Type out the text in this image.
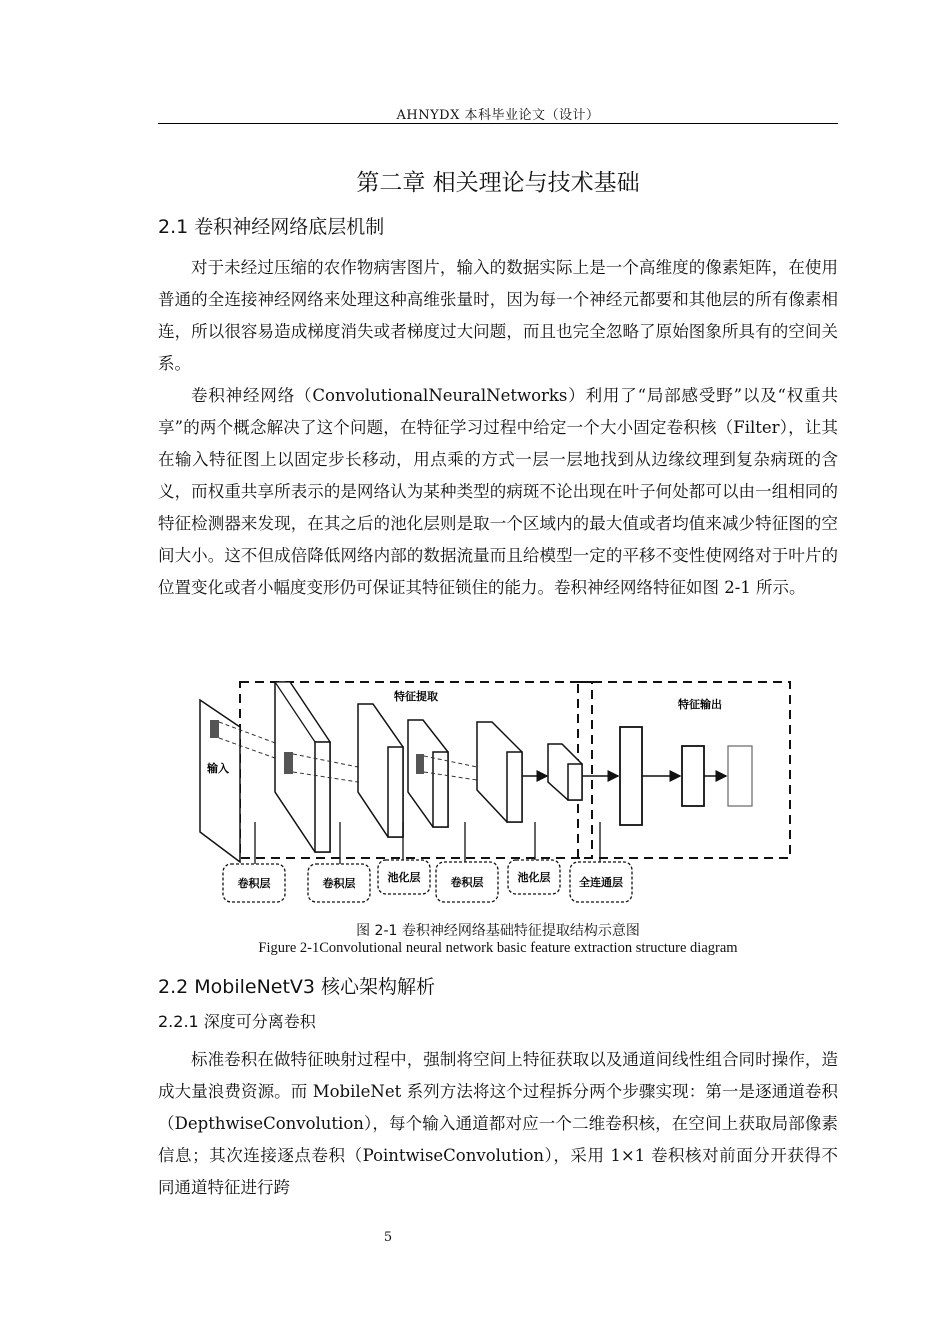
AHNYDX 本科毕业论文（设计）
第二章 相关理论与技术基础
2.1 卷积神经网络底层机制

对于未经过压缩的农作物病害图片，输入的数据实际上是一个高维度的像素矩阵，在使用普通的全连接神经网络来处理这种高维张量时，因为每一个神经元都要和其他层的所有像素相连，所以很容易造成梯度消失或者梯度过大问题，而且也完全忽略了原始图象所具有的空间关系。

卷积神经网络（ConvolutionalNeuralNetworks）利用了“局部感受野”以及“权重共享”的两个概念解决了这个问题，在特征学习过程中给定一个大小固定卷积核（Filter），让其在输入特征图上以固定步长移动，用点乘的方式一层一层地找到从边缘纹理到复杂病斑的含义，而权重共享所表示的是网络认为某种类型的病斑不论出现在叶子何处都可以由一组相同的特征检测器来发现，在其之后的池化层则是取一个区域内的最大值或者均值来减少特征图的空间大小。这不但成倍降低网络内部的数据流量而且给模型一定的平移不变性使网络对于叶片的位置变化或者小幅度变形仍可保证其特征锁住的能力。卷积神经网络特征如图 2-1 所示。

特征提取
特征输出
输入
卷积层	卷积层	池化层	卷积层	池化层	全连通层
图 2-1 卷积神经网络基础特征提取结构示意图
Figure 2-1Convolutional neural network basic feature extraction structure diagram
2.2 MobileNetV3 核心架构解析
2.2.1 深度可分离卷积

标准卷积在做特征映射过程中，强制将空间上特征获取以及通道间线性组合同时操作，造成大量浪费资源。而 MobileNet 系列方法将这个过程拆分两个步骤实现：第一是逐通道卷积（DepthwiseConvolution），每个输入通道都对应一个二维卷积核，在空间上获取局部像素信息；其次连接逐点卷积（PointwiseConvolution），采用 1×1 卷积核对前面分开获得不同通道特征进行跨

5
